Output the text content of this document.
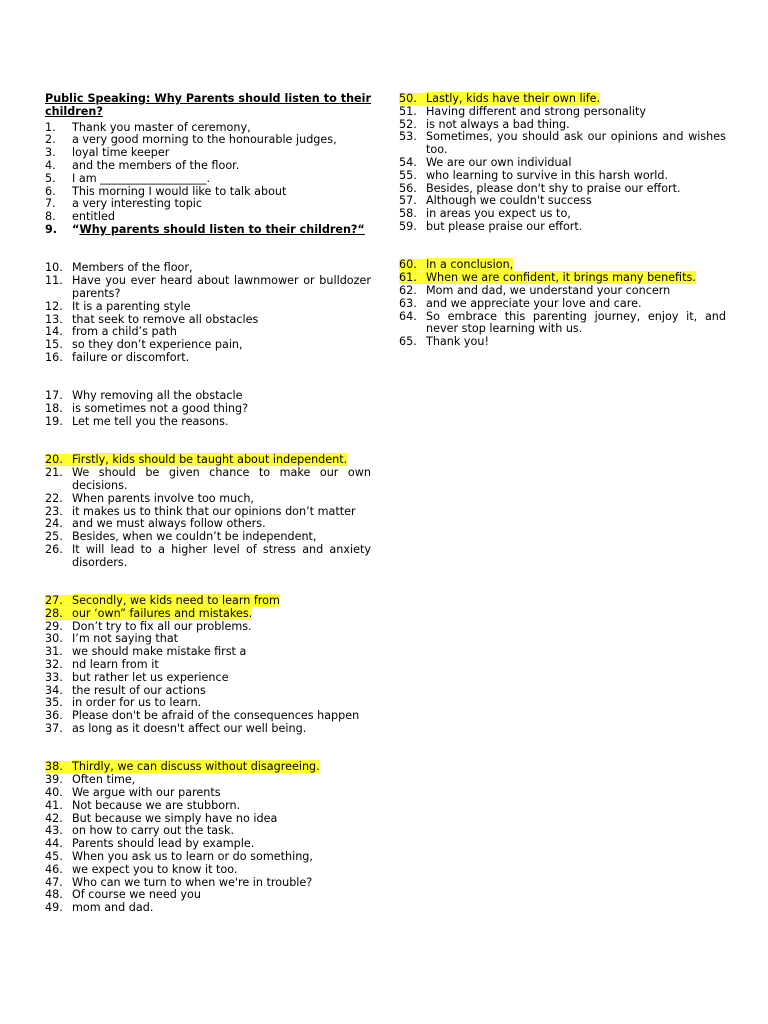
Public Speaking: Why Parents should listen to their children?
1.	Thank you master of ceremony,
2.	a very good morning to the honourable judges,
3.	loyal time keeper
4.	and the members of the floor.
5.	I am ___________________.
6.	This morning I would like to talk about
7.	a very interesting topic
8.	entitled
9.	“Why parents should listen to their children?“
10. Members of the floor,
11. Have you ever heard about lawnmower or bulldozer parents?
12. It is a parenting style
13. that seek to remove all obstacles
14. from a child’s path
15. so they don’t experience pain,
16. failure or discomfort.
17. Why removing all the obstacle
18. is sometimes not a good thing?
19. Let me tell you the reasons.
20. Firstly, kids should be taught about independent.
21. We should be given chance to make our own decisions.
22. When parents involve too much,
23. it makes us to think that our opinions don’t matter
24. and we must always follow others.
25. Besides, when we couldn’t be independent,
26. It will lead to a higher level of stress and anxiety disorders.
27. Secondly, we kids need to learn from
28. our ‘own” failures and mistakes.
29. Don’t try to fix all our problems.
30. I’m not saying that
31. we should make mistake first a
32. nd learn from it
33. but rather let us experience
34. the result of our actions
35. in order for us to learn.
36. Please don't be afraid of the consequences happen
37. as long as it doesn't affect our well being.
38. Thirdly, we can discuss without disagreeing.
39. Often time,
40. We argue with our parents
41. Not because we are stubborn.
42. But because we simply have no idea
43. on how to carry out the task.
44. Parents should lead by example.
45. When you ask us to learn or do something,
46. we expect you to know it too.
47. Who can we turn to when we're in trouble?
48. Of course we need you
49. mom and dad.
50. Lastly, kids have their own life.
51. Having different and strong personality
52. is not always a bad thing.
53. Sometimes, you should ask our opinions and wishes too.
54. We are our own individual
55. who learning to survive in this harsh world.
56. Besides, please don't shy to praise our effort.
57. Although we couldn't success
58. in areas you expect us to,
59. but please praise our effort.
60. In a conclusion,
61. When we are confident, it brings many benefits.
62. Mom and dad, we understand your concern
63. and we appreciate your love and care.
64. So embrace this parenting journey, enjoy it, and never stop learning with us.
65. Thank you!
